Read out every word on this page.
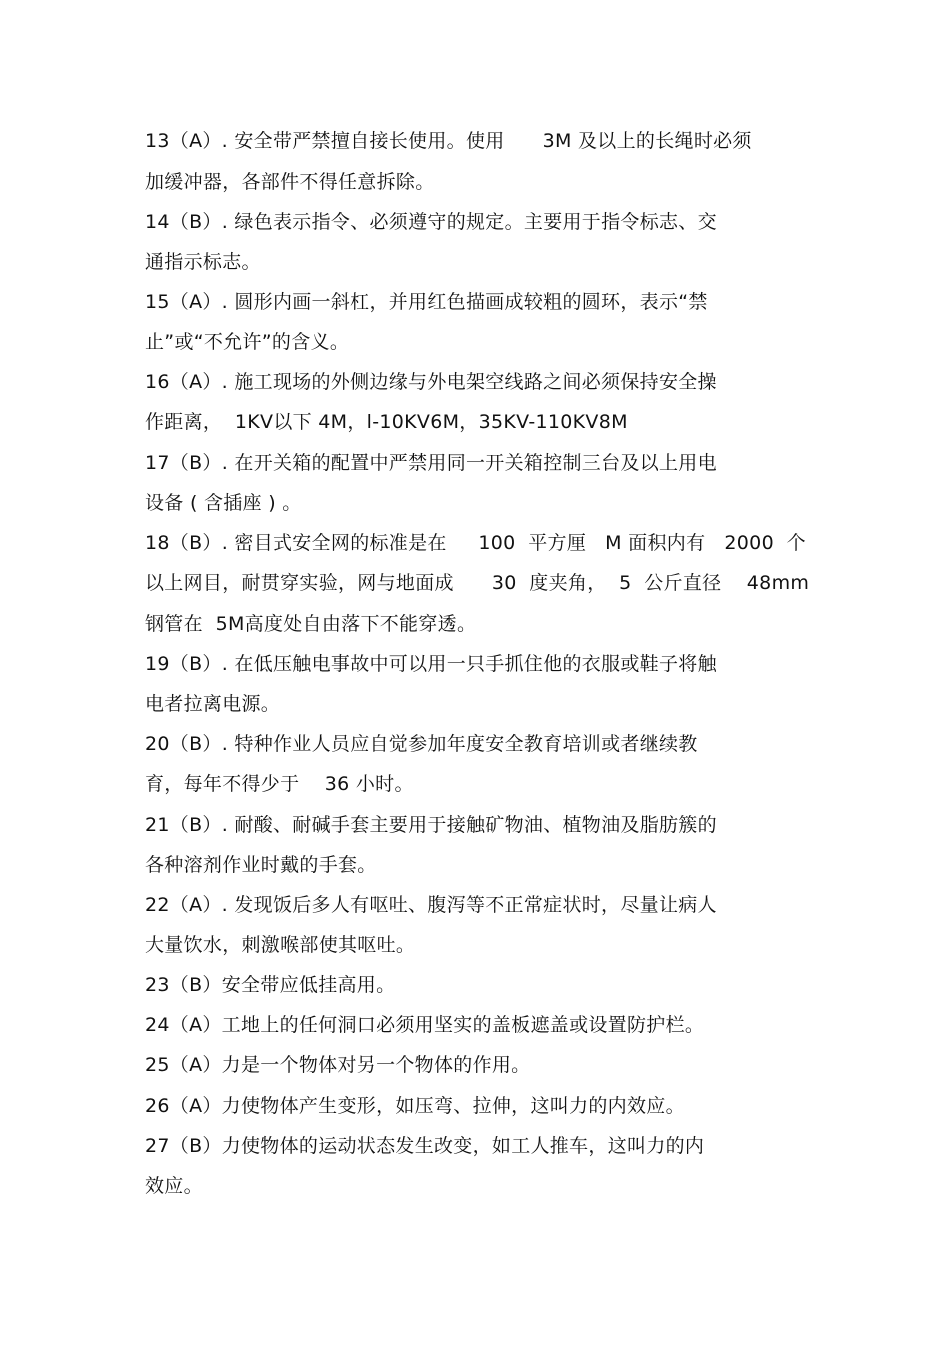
13（A）. 安全带严禁擅自接长使用。使用      3M 及以上的长绳时必须
加缓冲器，各部件不得任意拆除。
14（B）. 绿色表示指令、必须遵守的规定。主要用于指令标志、交
通指示标志。
15（A）. 圆形内画一斜杠，并用红色描画成较粗的圆环，表示“禁
止”或“不允许”的含义。
16（A）. 施工现场的外侧边缘与外电架空线路之间必须保持安全操
作距离，  1KV以下 4M，l-10KV6M，35KV-110KV8M
17（B）. 在开关箱的配置中严禁用同一开关箱控制三台及以上用电
设备 ( 含插座 ) 。
18（B）. 密目式安全网的标准是在     100  平方厘   M 面积内有   2000  个
以上网目，耐贯穿实验，网与地面成      30  度夹角，  5  公斤直径    48mm
钢管在  5M高度处自由落下不能穿透。
19（B）. 在低压触电事故中可以用一只手抓住他的衣服或鞋子将触
电者拉离电源。
20（B）. 特种作业人员应自觉参加年度安全教育培训或者继续教
育，每年不得少于    36 小时。
21（B）. 耐酸、耐碱手套主要用于接触矿物油、植物油及脂肪簇的
各种溶剂作业时戴的手套。
22（A）. 发现饭后多人有呕吐、腹泻等不正常症状时，尽量让病人
大量饮水，刺激喉部使其呕吐。
23（B）安全带应低挂高用。
24（A）工地上的任何洞口必须用坚实的盖板遮盖或设置防护栏。
25（A）力是一个物体对另一个物体的作用。
26（A）力使物体产生变形，如压弯、拉伸，这叫力的内效应。
27（B）力使物体的运动状态发生改变，如工人推车，这叫力的内
效应。
